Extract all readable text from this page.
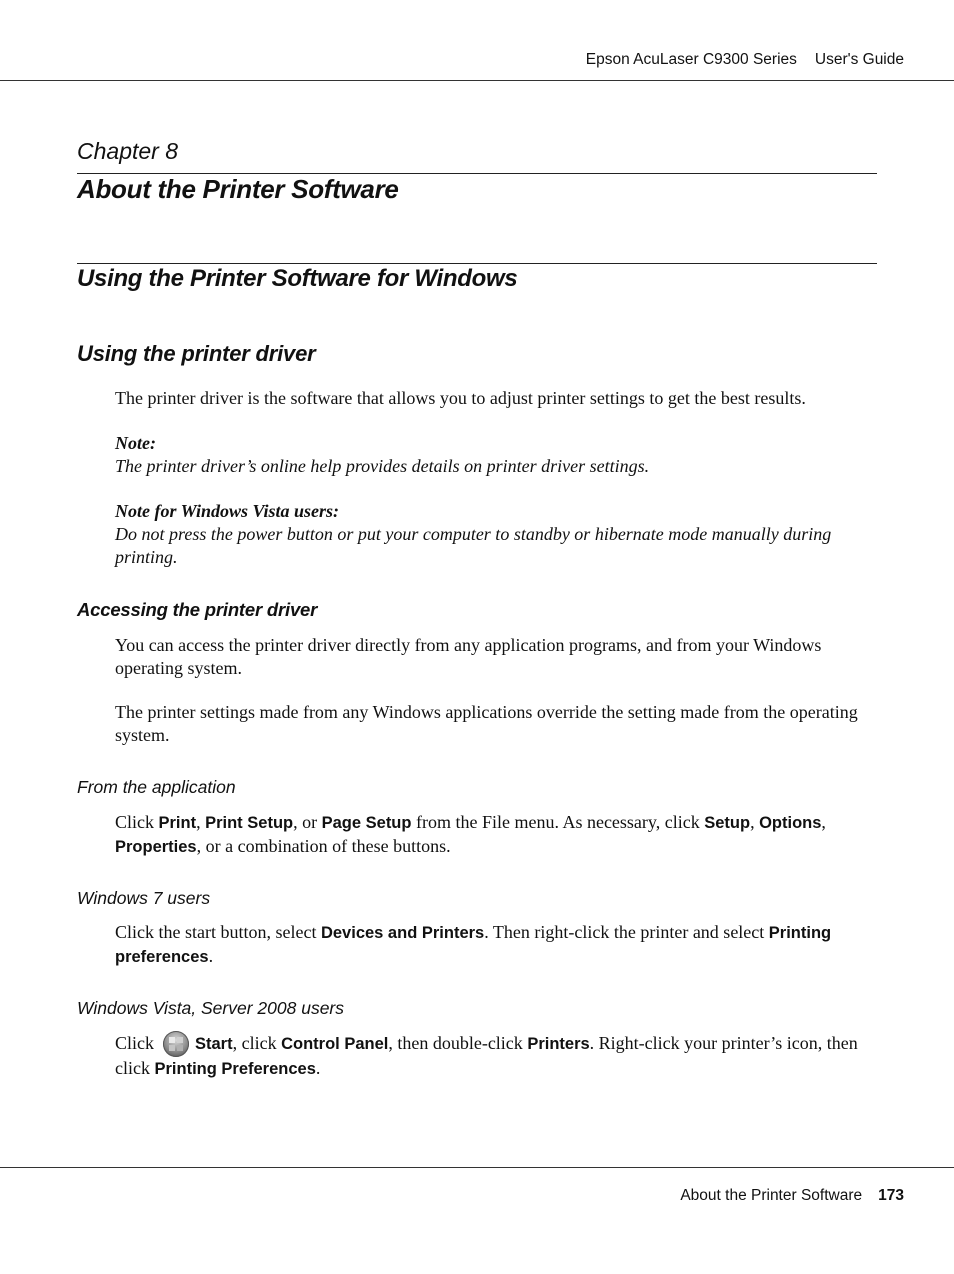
Epson AcuLaser C9300 Series User's Guide
Chapter 8
About the Printer Software
Using the Printer Software for Windows
Using the printer driver
The printer driver is the software that allows you to adjust printer settings to get the best results.
Note:
The printer driver’s online help provides details on printer driver settings.
Note for Windows Vista users:
Do not press the power button or put your computer to standby or hibernate mode manually during printing.
Accessing the printer driver
You can access the printer driver directly from any application programs, and from your Windows operating system.
The printer settings made from any Windows applications override the setting made from the operating system.
From the application
Click Print, Print Setup, or Page Setup from the File menu. As necessary, click Setup, Options, Properties, or a combination of these buttons.
Windows 7 users
Click the start button, select Devices and Printers. Then right-click the printer and select Printing preferences.
Windows Vista, Server 2008 users
Click
Start, click Control Panel, then double-click Printers. Right-click your printer’s icon, then click Printing Preferences.
About the Printer Software 173
